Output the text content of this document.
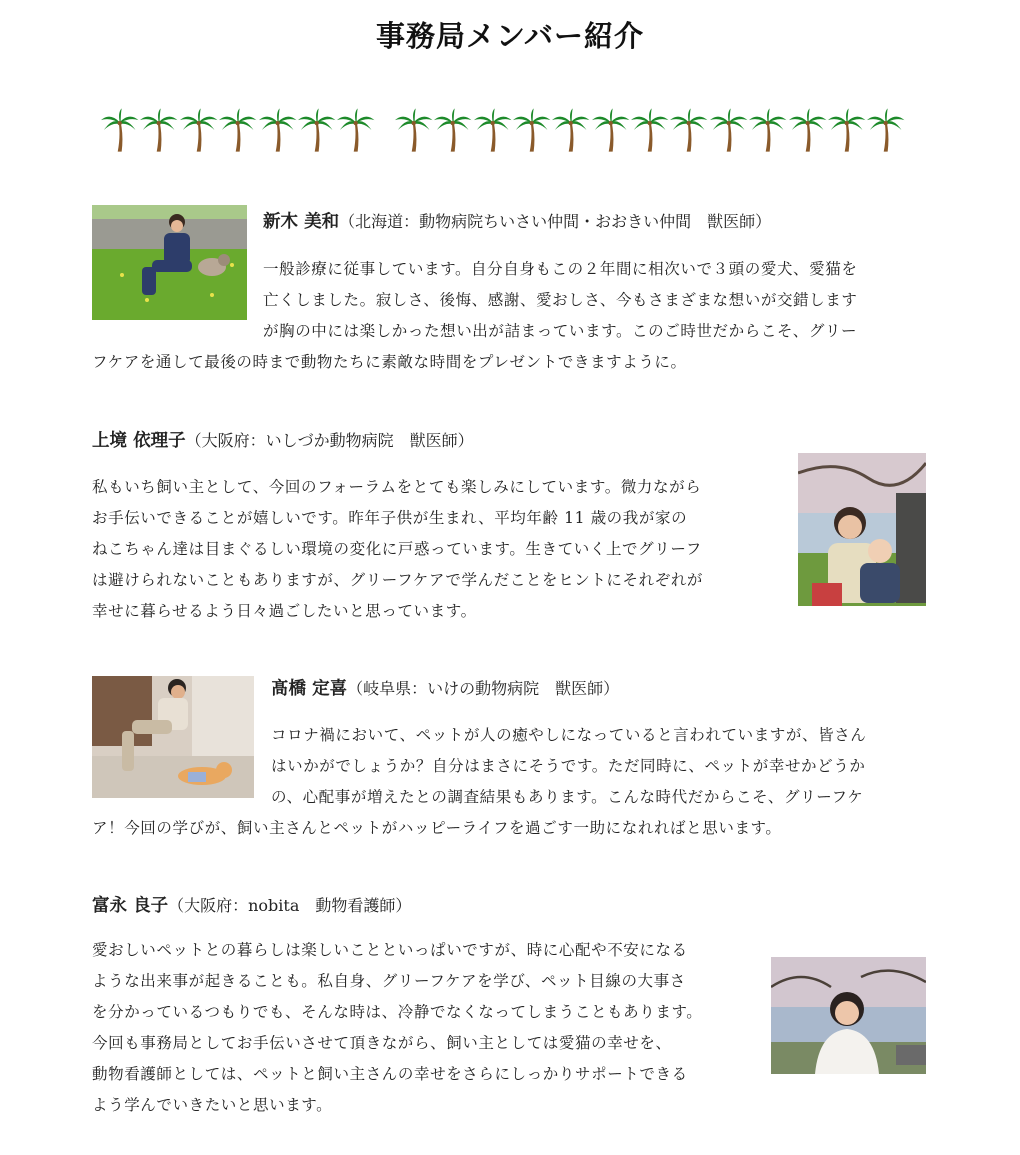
事務局メンバー紹介
新木 美和（北海道：動物病院ちいさい仲間・おおきい仲間　獣医師）
一般診療に従事しています。自分自身もこの２年間に相次いで３頭の愛犬、愛猫を
亡くしました。寂しさ、後悔、感謝、愛おしさ、今もさまざまな想いが交錯します
が胸の中には楽しかった想い出が詰まっています。このご時世だからこそ、グリー
フケアを通して最後の時まで動物たちに素敵な時間をプレゼントできますように。
上境 依理子（大阪府：いしづか動物病院　獣医師）
私もいち飼い主として、今回のフォーラムをとても楽しみにしています。微力ながら
お手伝いできることが嬉しいです。昨年子供が生まれ、平均年齢 11 歳の我が家の
ねこちゃん達は目まぐるしい環境の変化に戸惑っています。生きていく上でグリーフ
は避けられないこともありますが、グリーフケアで学んだことをヒントにそれぞれが
幸せに暮らせるよう日々過ごしたいと思っています。
髙橋 定喜（岐阜県：いけの動物病院　獣医師）
コロナ禍において、ペットが人の癒やしになっていると言われていますが、皆さん
はいかがでしょうか？自分はまさにそうです。ただ同時に、ペットが幸せかどうか
の、心配事が増えたとの調査結果もあります。こんな時代だからこそ、グリーフケ
ア！今回の学びが、飼い主さんとペットがハッピーライフを過ごす一助になれればと思います。
富永 良子（大阪府：nobita　動物看護師）
愛おしいペットとの暮らしは楽しいことといっぱいですが、時に心配や不安になる
ような出来事が起きることも。私自身、グリーフケアを学び、ペット目線の大事さ
を分かっているつもりでも、そんな時は、冷静でなくなってしまうこともあります。
今回も事務局としてお手伝いさせて頂きながら、飼い主としては愛猫の幸せを、
動物看護師としては、ペットと飼い主さんの幸せをさらにしっかりサポートできる
よう学んでいきたいと思います。
